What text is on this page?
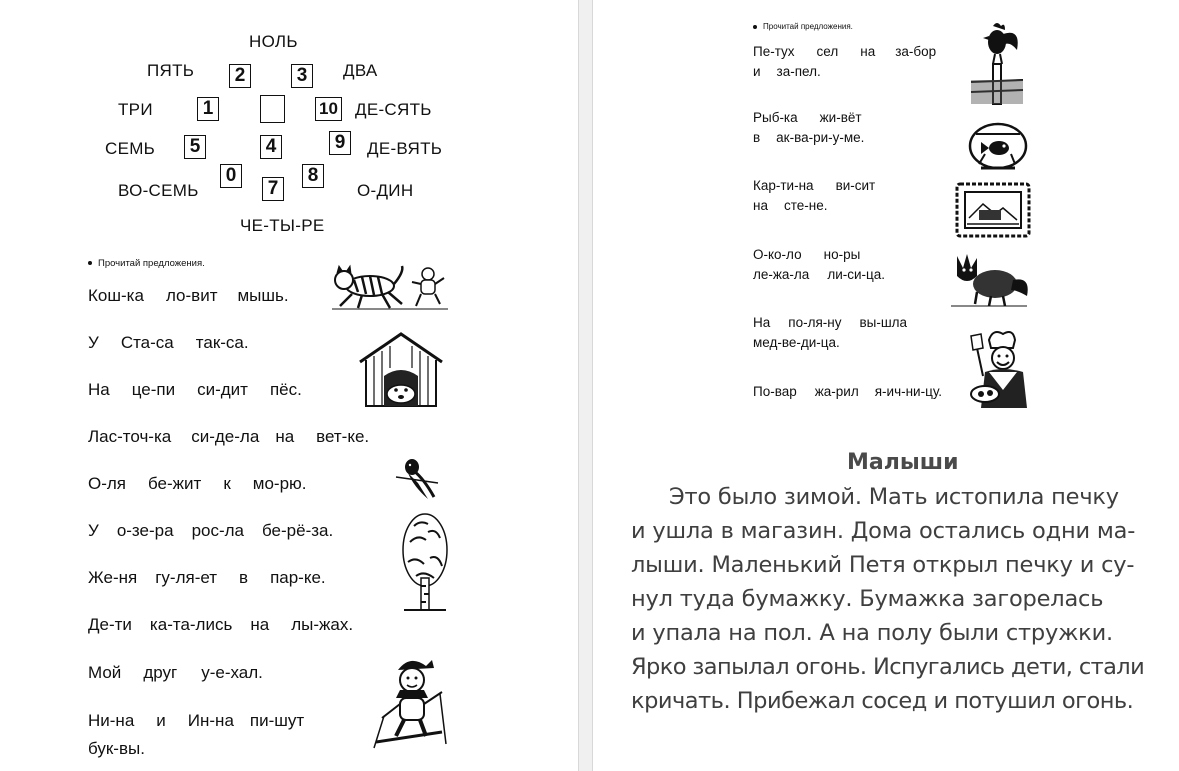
НОЛЬ
ПЯТЬ	ДВА
ТРИ	ДЕ-СЯТЬ
СЕМЬ	ДЕ-ВЯТЬ
ВО-СЕМЬ	О-ДИН
ЧЕ-ТЫ-РЕ
2	3
1	10
5	4	9
0
7
8
Прочитай предложения.
Кош-ка ло-вит мышь.
У Ста-са так-са.
На це-пи си-дит пёс.
Лас-точ-ка си-де-ла на вет-ке.
О-ля бе-жит к мо-рю.
У о-зе-ра рос-ла бе-рё-за.
Же-ня гу-ля-ет в пар-ке.
Де-ти ка-та-лись на лы-жах.
Мой друг у-е-хал.
Ни-на и Ин-на пи-шут
бук-вы.
Прочитай предложения.
Пе-тух сел на за-бор
и за-пел.
Рыб-ка жи-вёт
в ак-ва-ри-у-ме.
Кар-ти-на ви-сит
на сте-не.
О-ко-ло но-ры
ле-жа-ла ли-си-ца.
На по-ля-ну вы-шла
мед-ве-ди-ца.
По-вар жа-рил я-ич-ни-цу.
Малыши
Это было зимой. Мать истопила печку
и ушла в магазин. Дома остались одни ма-
лыши. Маленький Петя открыл печку и су-
нул туда бумажку. Бумажка загорелась
и упала на пол. А на полу были стружки.
Ярко запылал огонь. Испугались дети, стали
кричать. Прибежал сосед и потушил огонь.
